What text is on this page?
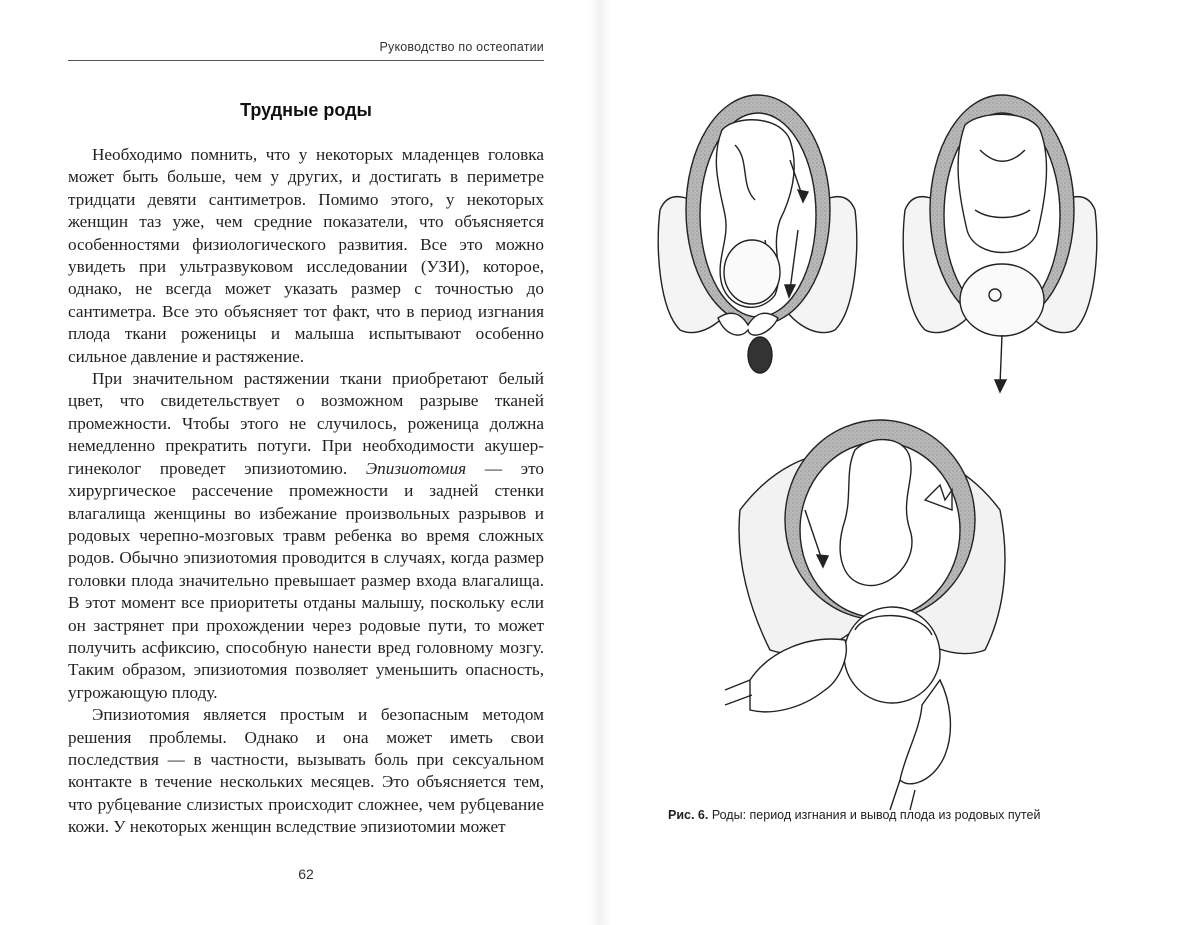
Руководство по остеопатии
Трудные роды

Необходимо помнить, что у некоторых младенцев головка может быть больше, чем у других, и достигать в периметре тридцати девяти сантиметров. Помимо этого, у некоторых женщин таз уже, чем средние показатели, что объясняется особенностями физиологического развития. Все это можно увидеть при ультразвуковом исследовании (УЗИ), которое, однако, не всегда может указать размер с точностью до сантиметра. Все это объясняет тот факт, что в период изгнания плода ткани роженицы и малыша испытывают особенно сильное давление и растяжение.

При значительном растяжении ткани приобретают белый цвет, что свидетельствует о возможном разрыве тканей промежности. Чтобы этого не случилось, роженица должна немедленно прекратить потуги. При необходимости акушер-гинеколог проведет эпизиотомию. Эпизиотомия — это хирургическое рассечение промежности и задней стенки влагалища женщины во избежание произвольных разрывов и родовых черепно-мозговых травм ребенка во время сложных родов. Обычно эпизиотомия проводится в случаях, когда размер головки плода значительно превышает размер входа влагалища. В этот момент все приоритеты отданы малышу, поскольку если он застрянет при прохождении через родовые пути, то может получить асфиксию, способную нанести вред головному мозгу. Таким образом, эпизиотомия позволяет уменьшить опасность, угрожающую плоду.

Эпизиотомия является простым и безопасным методом решения проблемы. Однако и она может иметь свои последствия — в частности, вызывать боль при сексуальном контакте в течение нескольких месяцев. Это объясняется тем, что рубцевание слизистых происходит сложнее, чем рубцевание кожи. У некоторых женщин вследствие эпизиотомии может

62
Рис. 6. Роды: период изгнания и вывод плода из родовых путей
